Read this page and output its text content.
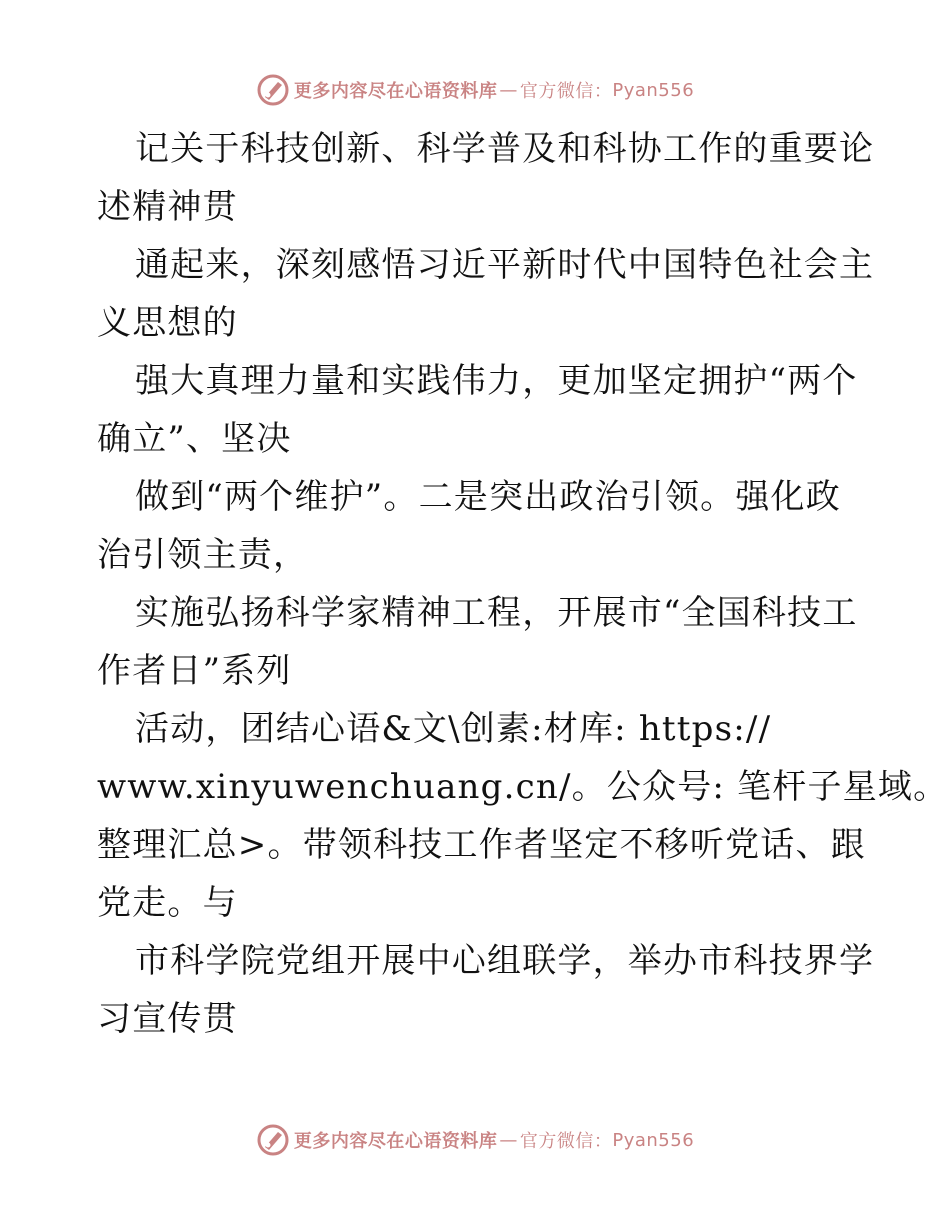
更多内容尽在心语资料库 — 官方微信： Pyan556
记关于科技创新、科学普及和科协工作的重要论
述精神贯
通起来，深刻感悟习近平新时代中国特色社会主
义思想的
强大真理力量和实践伟力，更加坚定拥护“两个
确立”、坚决
做到“两个维护”。二是突出政治引领。强化政
治引领主责，
实施弘扬科学家精神工程，开展市“全国科技工
作者日”系列
活动，团结心语&文\创素:材库: https://
www.xinyuwenchuang.cn/。公众号: 笔杆子星域。
整理汇总>。带领科技工作者坚定不移听党话、跟
党走。与
市科学院党组开展中心组联学，举办市科技界学
习宣传贯
更多内容尽在心语资料库 — 官方微信： Pyan556
